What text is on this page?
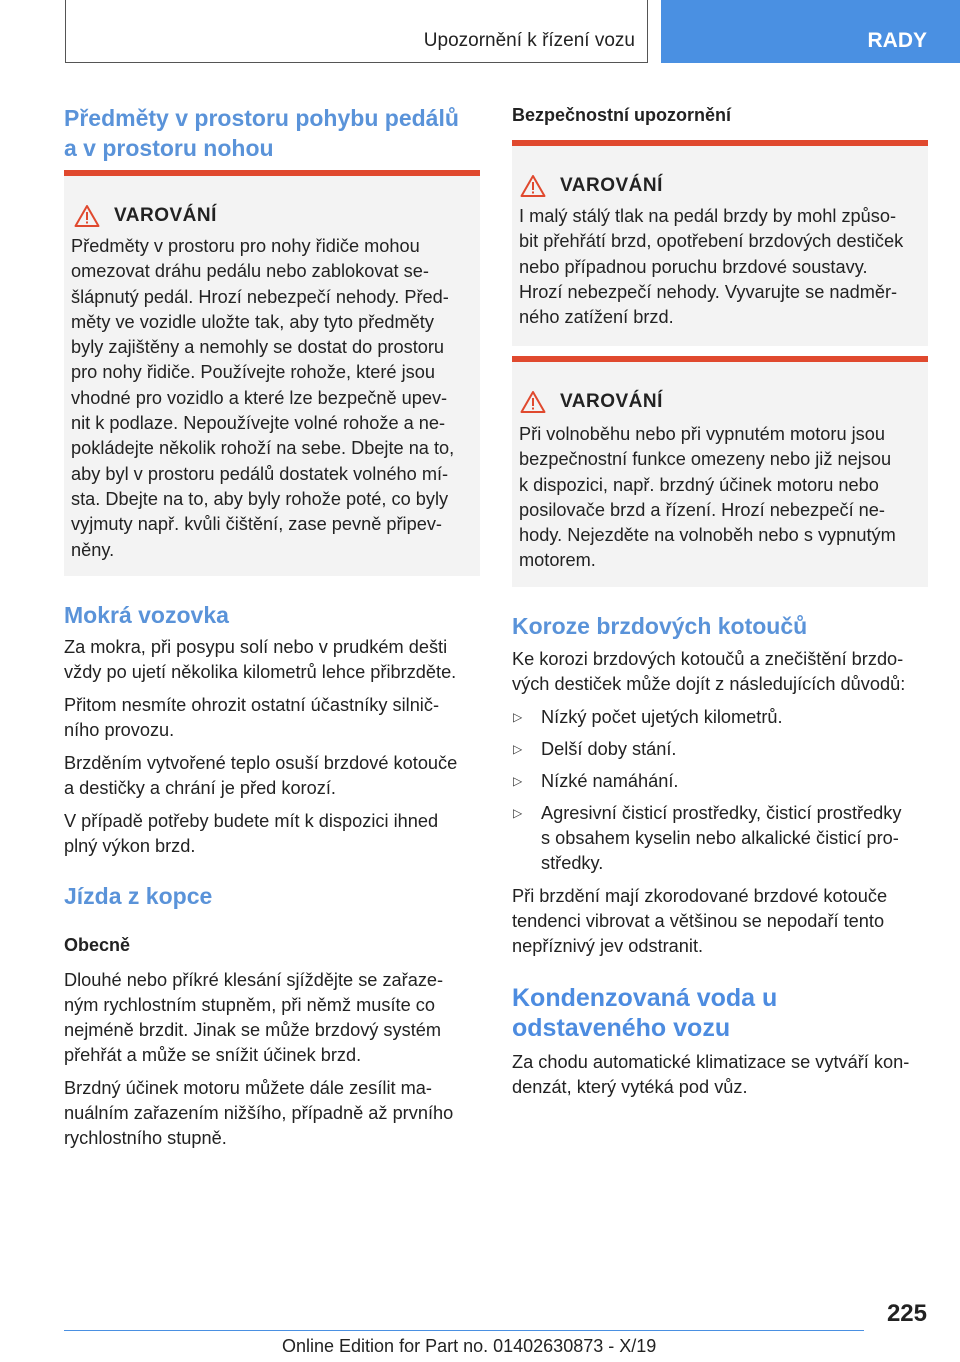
Upozornění k řízení vozu	RADY
Předměty v prostoru pohybu pedálů
a v prostoru nohou
VAROVÁNÍ
Předměty v prostoru pro nohy řidiče mohou
omezovat dráhu pedálu nebo zablokovat se‐
šlápnutý pedál. Hrozí nebezpečí nehody. Před‐
měty ve vozidle uložte tak, aby tyto předměty
byly zajištěny a nemohly se dostat do prostoru
pro nohy řidiče. Používejte rohože, které jsou
vhodné pro vozidlo a které lze bezpečně upev‐
nit k podlaze. Nepoužívejte volné rohože a ne‐
pokládejte několik rohoží na sebe. Dbejte na to,
aby byl v prostoru pedálů dostatek volného mí‐
sta. Dbejte na to, aby byly rohože poté, co byly
vyjmuty např. kvůli čištění, zase pevně připev‐
něny.
Mokrá vozovka
Za mokra, při posypu solí nebo v prudkém dešti
vždy po ujetí několika kilometrů lehce přibrzděte.
Přitom nesmíte ohrozit ostatní účastníky silnič‐
ního provozu.
Brzděním vytvořené teplo osuší brzdové kotouče
a destičky a chrání je před korozí.
V případě potřeby budete mít k dispozici ihned
plný výkon brzd.
Jízda z kopce
Obecně
Dlouhé nebo příkré klesání sjíždějte se zařaze‐
ným rychlostním stupněm, při němž musíte co
nejméně brzdit. Jinak se může brzdový systém
přehřát a může se snížit účinek brzd.
Brzdný účinek motoru můžete dále zesílit ma‐
nuálním zařazením nižšího, případně až prvního
rychlostního stupně.
Bezpečnostní upozornění
VAROVÁNÍ
I malý stálý tlak na pedál brzdy by mohl způso‐
bit přehřátí brzd, opotřebení brzdových destiček
nebo případnou poruchu brzdové soustavy.
Hrozí nebezpečí nehody. Vyvarujte se nadměr‐
ného zatížení brzd.
VAROVÁNÍ
Při volnoběhu nebo při vypnutém motoru jsou
bezpečnostní funkce omezeny nebo již nejsou
k dispozici, např. brzdný účinek motoru nebo
posilovače brzd a řízení. Hrozí nebezpečí ne‐
hody. Nejezděte na volnoběh nebo s vypnutým
motorem.
Koroze brzdových kotoučů
Ke korozi brzdových kotoučů a znečištění brzdo‐
vých destiček může dojít z následujících důvodů:
▷	Nízký počet ujetých kilometrů.
▷	Delší doby stání.
▷	Nízké namáhání.
▷	Agresivní čisticí prostředky, čisticí prostředky
s obsahem kyselin nebo alkalické čisticí pro‐
středky.
Při brzdění mají zkorodované brzdové kotouče
tendenci vibrovat a většinou se nepodaří tento
nepříznivý jev odstranit.
Kondenzovaná voda u
odstaveného vozu
Za chodu automatické klimatizace se vytváří kon‐
denzát, který vytéká pod vůz.
225
Online Edition for Part no. 01402630873 - X/19
